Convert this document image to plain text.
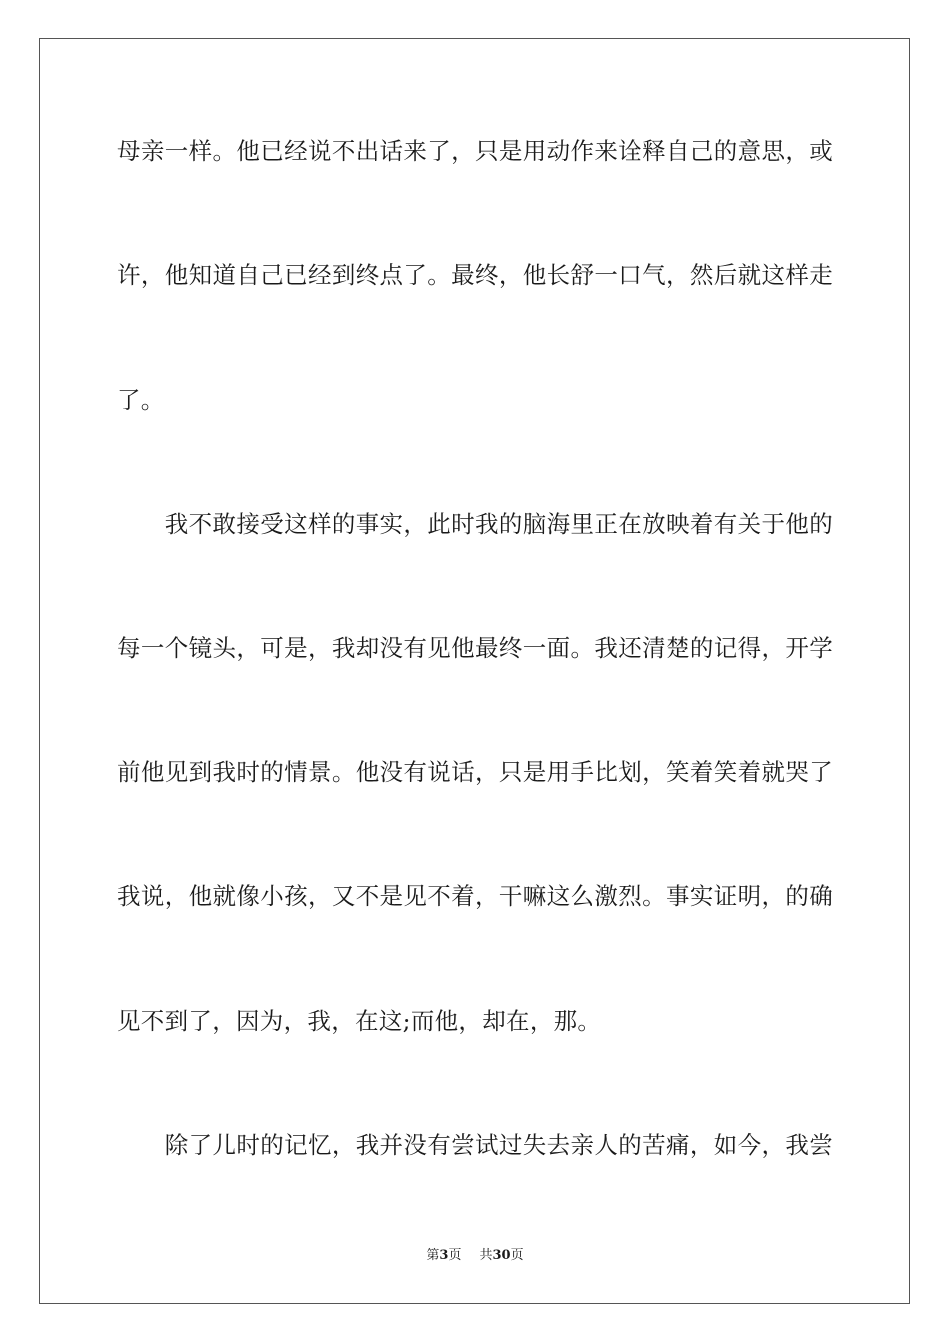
母亲一样。他已经说不出话来了，只是用动作来诠释自己的意思，或
许，他知道自己已经到终点了。最终，他长舒一口气，然后就这样走
了。
　　我不敢接受这样的事实，此时我的脑海里正在放映着有关于他的
每一个镜头，可是，我却没有见他最终一面。我还清楚的记得，开学
前他见到我时的情景。他没有说话，只是用手比划，笑着笑着就哭了
我说，他就像小孩，又不是见不着，干嘛这么激烈。事实证明，的确
见不到了，因为，我，在这;而他，却在，那。
　　除了儿时的记忆，我并没有尝试过失去亲人的苦痛，如今，我尝
第3页 共30页
